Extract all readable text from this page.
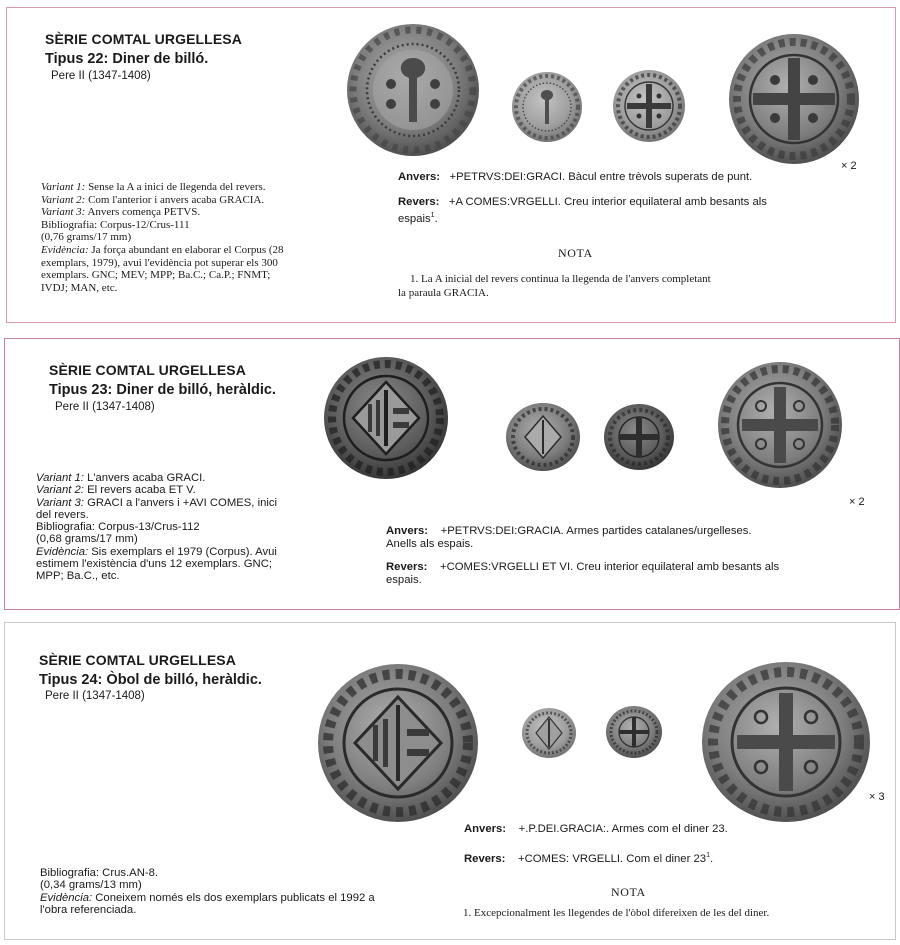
SÈRIE COMTAL URGELLESA
Tipus 22: Diner de billó.
Pere II (1347-1408)
× 2
Variant 1: Sense la A a inici de llegenda del revers.
Variant 2: Com l'anterior i anvers acaba GRACIA.
Variant 3: Anvers comença PETVS.
Bibliografia: Corpus-12/Crus-111
(0,76 grams/17 mm)
Evidència: Ja força abundant en elaborar el Corpus (28
exemplars, 1979), avui l'evidència pot superar els 300
exemplars. GNC; MEV; MPP; Ba.C.; Ca.P.; FNMT;
IVDJ; MAN, etc.
Anvers: +PETRVS:DEI:GRACI. Bàcul entre trèvols superats de punt.
Revers: +A COMES:VRGELLI. Creu interior equilateral amb besants als
espais$^1$.
NOTA
1. La A inicial del revers continua la llegenda de l'anvers completant
la paraula GRACIA.
SÈRIE COMTAL URGELLESA
Tipus 23: Diner de billó, heràldic.
Pere II (1347-1408)
× 2
Variant 1: L'anvers acaba GRACI.
Variant 2: El revers acaba ET V.
Variant 3: GRACI a l'anvers i +AVI COMES, inici
del revers.
Bibliografia: Corpus-13/Crus-112
(0,68 grams/17 mm)
Evidència: Sis exemplars el 1979 (Corpus). Avui
estimem l'existència d'uns 12 exemplars. GNC;
MPP; Ba.C., etc.
Anvers: +PETRVS:DEI:GRACIA. Armes partides catalanes/urgelleses.
Anells als espais.
Revers: +COMES:VRGELLI ET VI. Creu interior equilateral amb besants als
espais.
SÈRIE COMTAL URGELLESA
Tipus 24: Òbol de billó, heràldic.
Pere II (1347-1408)
× 3
Anvers: +.P.DEI.GRACIA:. Armes com el diner 23.
Revers: +COMES: VRGELLI. Com el diner $23^1$.
Bibliografia: Crus.AN-8.
(0,34 grams/13 mm)
Evidència: Coneixem només els dos exemplars publicats el 1992 a
l'obra referenciada.
NOTA
1. Excepcionalment les llegendes de l'òbol difereixen de les del diner.
